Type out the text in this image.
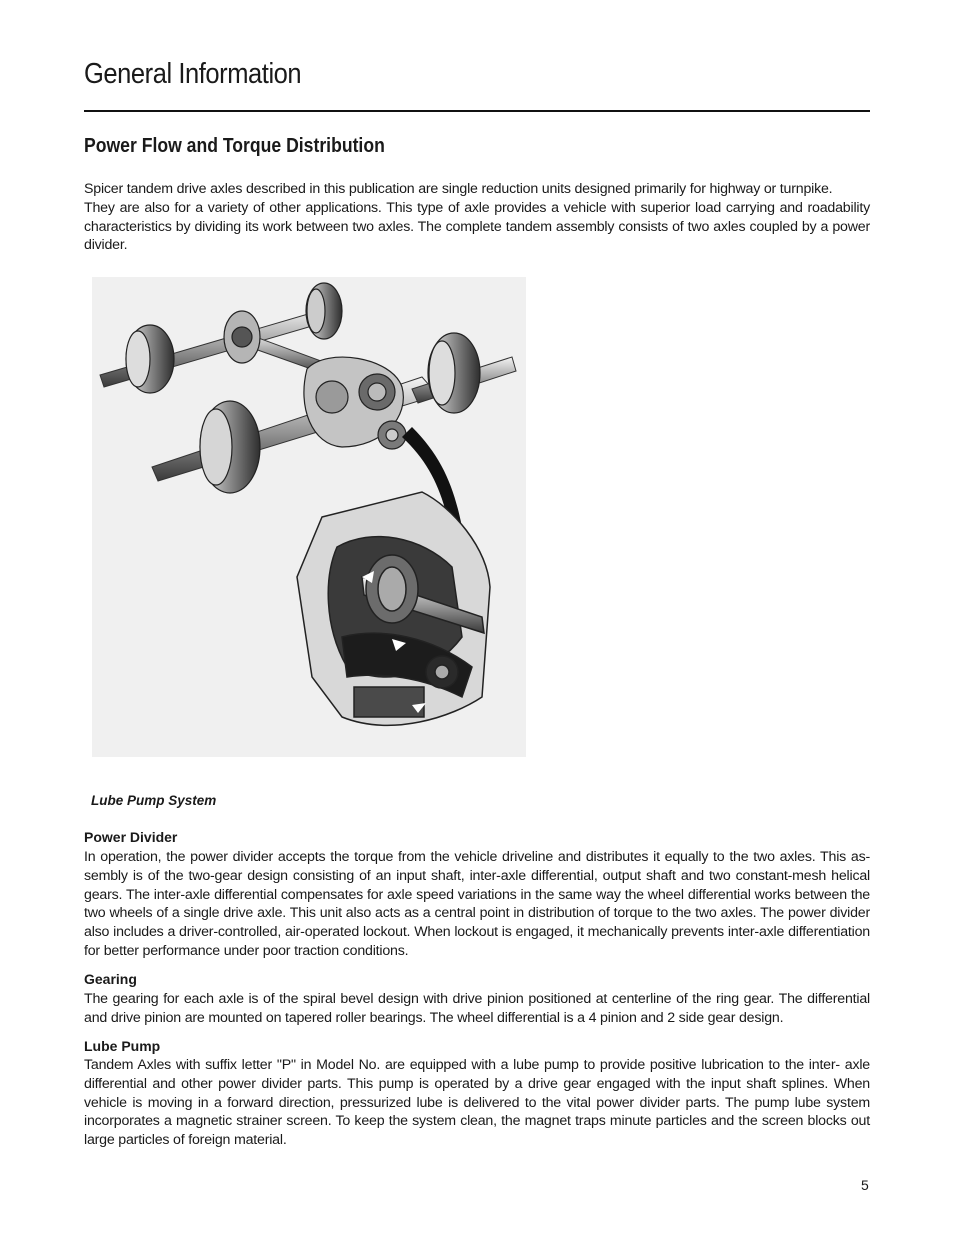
General Information
Power Flow and Torque Distribution

Spicer tandem drive axles described in this publication are single reduction units designed primarily for highway or turnpike.

They are also for a variety of other applications. This type of axle provides a vehicle with superior load carrying and roadability characteristics by dividing its work between two axles. The complete tandem assembly consists of two axles coupled by a power divider.

Lube Pump System
Power Divider

In operation, the power divider accepts the torque from the vehicle driveline and distributes it equally to the two axles. This as-sembly is of the two-gear design consisting of an input shaft, inter-axle differential, output shaft and two constant-mesh helical gears. The inter-axle differential compensates for axle speed variations in the same way the wheel differential works between the two wheels of a single drive axle. This unit also acts as a central point in distribution of torque to the two axles. The power divider also includes a driver-controlled, air-operated lockout. When lockout is engaged, it mechanically prevents inter-axle differentiation for better performance under poor traction conditions.

Gearing

The gearing for each axle is of the spiral bevel design with drive pinion positioned at centerline of the ring gear. The differential and drive pinion are mounted on tapered roller bearings. The wheel differential is a 4 pinion and 2 side gear design.

Lube Pump

Tandem Axles with suffix letter "P" in Model No. are equipped with a lube pump to provide positive lubrication to the inter- axle differential and other power divider parts. This pump is operated by a drive gear engaged with the input shaft splines. When vehicle is moving in a forward direction, pressurized lube is delivered to the vital power divider parts. The pump lube system incorporates a magnetic strainer screen. To keep the system clean, the magnet traps minute particles and the screen blocks out large particles of foreign material.

5
